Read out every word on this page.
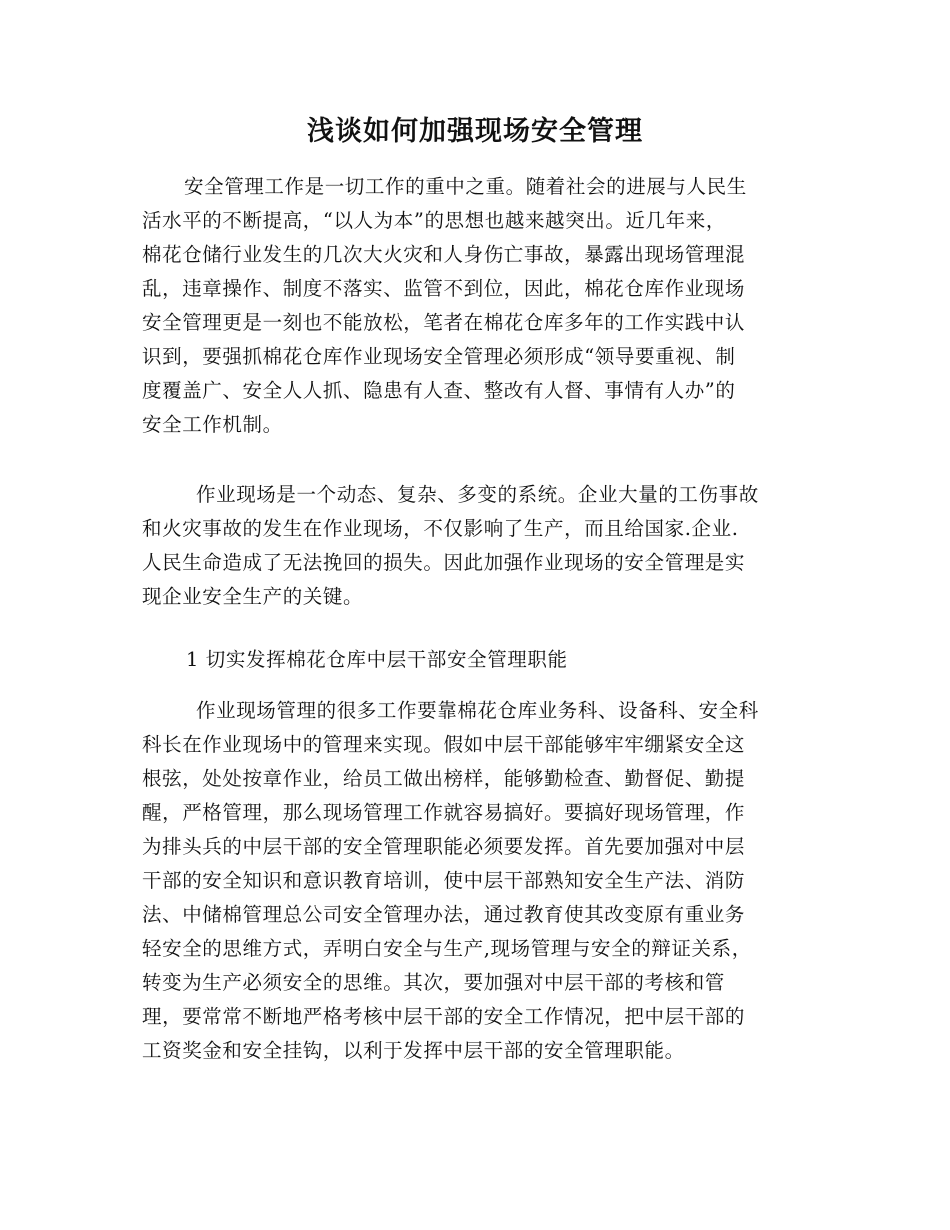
浅谈如何加强现场安全管理
安全管理工作是一切工作的重中之重。随着社会的进展与人民生
活水平的不断提高，“以人为本”的思想也越来越突出。近几年来，
棉花仓储行业发生的几次大火灾和人身伤亡事故，暴露出现场管理混
乱，违章操作、制度不落实、监管不到位，因此，棉花仓库作业现场
安全管理更是一刻也不能放松，笔者在棉花仓库多年的工作实践中认
识到，要强抓棉花仓库作业现场安全管理必须形成“领导要重视、制
度覆盖广、安全人人抓、隐患有人查、整改有人督、事情有人办”的
安全工作机制。
作业现场是一个动态、复杂、多变的系统。企业大量的工伤事故
和火灾事故的发生在作业现场，不仅影响了生产，而且给国家.企业.
人民生命造成了无法挽回的损失。因此加强作业现场的安全管理是实
现企业安全生产的关键。
1 切实发挥棉花仓库中层干部安全管理职能
作业现场管理的很多工作要靠棉花仓库业务科、设备科、安全科
科长在作业现场中的管理来实现。假如中层干部能够牢牢绷紧安全这
根弦，处处按章作业，给员工做出榜样，能够勤检查、勤督促、勤提
醒，严格管理，那么现场管理工作就容易搞好。要搞好现场管理，作
为排头兵的中层干部的安全管理职能必须要发挥。首先要加强对中层
干部的安全知识和意识教育培训，使中层干部熟知安全生产法、消防
法、中储棉管理总公司安全管理办法，通过教育使其改变原有重业务
轻安全的思维方式，弄明白安全与生产,现场管理与安全的辩证关系，
转变为生产必须安全的思维。其次，要加强对中层干部的考核和管
理，要常常不断地严格考核中层干部的安全工作情况，把中层干部的
工资奖金和安全挂钩，以利于发挥中层干部的安全管理职能。
